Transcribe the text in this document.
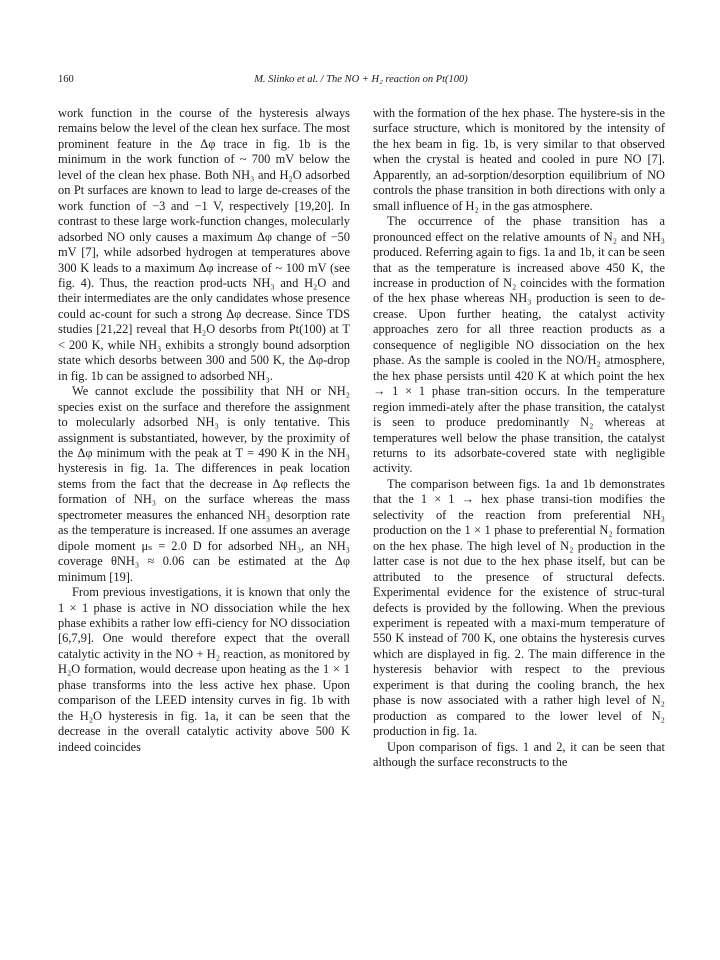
160	M. Slinko et al. / The NO + H₂ reaction on Pt(100)

work function in the course of the hysteresis always remains below the level of the clean hex surface. The most prominent feature in the Δφ trace in fig. 1b is the minimum in the work function of ~ 700 mV below the level of the clean hex phase. Both NH₃ and H₂O adsorbed on Pt surfaces are known to lead to large de-creases of the work function of −3 and −1 V, respectively [19,20]. In contrast to these large work-function changes, molecularly adsorbed NO only causes a maximum Δφ change of −50 mV [7], while adsorbed hydrogen at temperatures above 300 K leads to a maximum Δφ increase of ~ 100 mV (see fig. 4). Thus, the reaction prod-ucts NH₃ and H₂O and their intermediates are the only candidates whose presence could ac-count for such a strong Δφ decrease. Since TDS studies [21,22] reveal that H₂O desorbs from Pt(100) at T < 200 K, while NH₃ exhibits a strongly bound adsorption state which desorbs between 300 and 500 K, the Δφ-drop in fig. 1b can be assigned to adsorbed NH₃.

We cannot exclude the possibility that NH or NH₂ species exist on the surface and therefore the assignment to molecularly adsorbed NH₃ is only tentative. This assignment is substantiated, however, by the proximity of the Δφ minimum with the peak at T = 490 K in the NH₃ hysteresis in fig. 1a. The differences in peak location stems from the fact that the decrease in Δφ reflects the formation of NH₃ on the surface whereas the mass spectrometer measures the enhanced NH₃ desorption rate as the temperature is increased. If one assumes an average dipole moment μₛ = 2.0 D for adsorbed NH₃, an NH₃ coverage θNH₃ ≈ 0.06 can be estimated at the Δφ minimum [19].

From previous investigations, it is known that only the 1 × 1 phase is active in NO dissociation while the hex phase exhibits a rather low effi-ciency for NO dissociation [6,7,9]. One would therefore expect that the overall catalytic activity in the NO + H₂ reaction, as monitored by H₂O formation, would decrease upon heating as the 1 × 1 phase transforms into the less active hex phase. Upon comparison of the LEED intensity curves in fig. 1b with the H₂O hysteresis in fig. 1a, it can be seen that the decrease in the overall catalytic activity above 500 K indeed coincides

with the formation of the hex phase. The hystere-sis in the surface structure, which is monitored by the intensity of the hex beam in fig. 1b, is very similar to that observed when the crystal is heated and cooled in pure NO [7]. Apparently, an ad-sorption/desorption equilibrium of NO controls the phase transition in both directions with only a small influence of H₂ in the gas atmosphere.

The occurrence of the phase transition has a pronounced effect on the relative amounts of N₂ and NH₃ produced. Referring again to figs. 1a and 1b, it can be seen that as the temperature is increased above 450 K, the increase in production of N₂ coincides with the formation of the hex phase whereas NH₃ production is seen to de-crease. Upon further heating, the catalyst activity approaches zero for all three reaction products as a consequence of negligible NO dissociation on the hex phase. As the sample is cooled in the NO/H₂ atmosphere, the hex phase persists until 420 K at which point the hex → 1 × 1 phase tran-sition occurs. In the temperature region immedi-ately after the phase transition, the catalyst is seen to produce predominantly N₂ whereas at temperatures well below the phase transition, the catalyst returns to its adsorbate-covered state with negligible activity.

The comparison between figs. 1a and 1b demonstrates that the 1 × 1 → hex phase transi-tion modifies the selectivity of the reaction from preferential NH₃ production on the 1 × 1 phase to preferential N₂ formation on the hex phase. The high level of N₂ production in the latter case is not due to the hex phase itself, but can be attributed to the presence of structural defects. Experimental evidence for the existence of struc-tural defects is provided by the following. When the previous experiment is repeated with a maxi-mum temperature of 550 K instead of 700 K, one obtains the hysteresis curves which are displayed in fig. 2. The main difference in the hysteresis behavior with respect to the previous experiment is that during the cooling branch, the hex phase is now associated with a rather high level of N₂ production as compared to the lower level of N₂ production in fig. 1a.

Upon comparison of figs. 1 and 2, it can be seen that although the surface reconstructs to the
